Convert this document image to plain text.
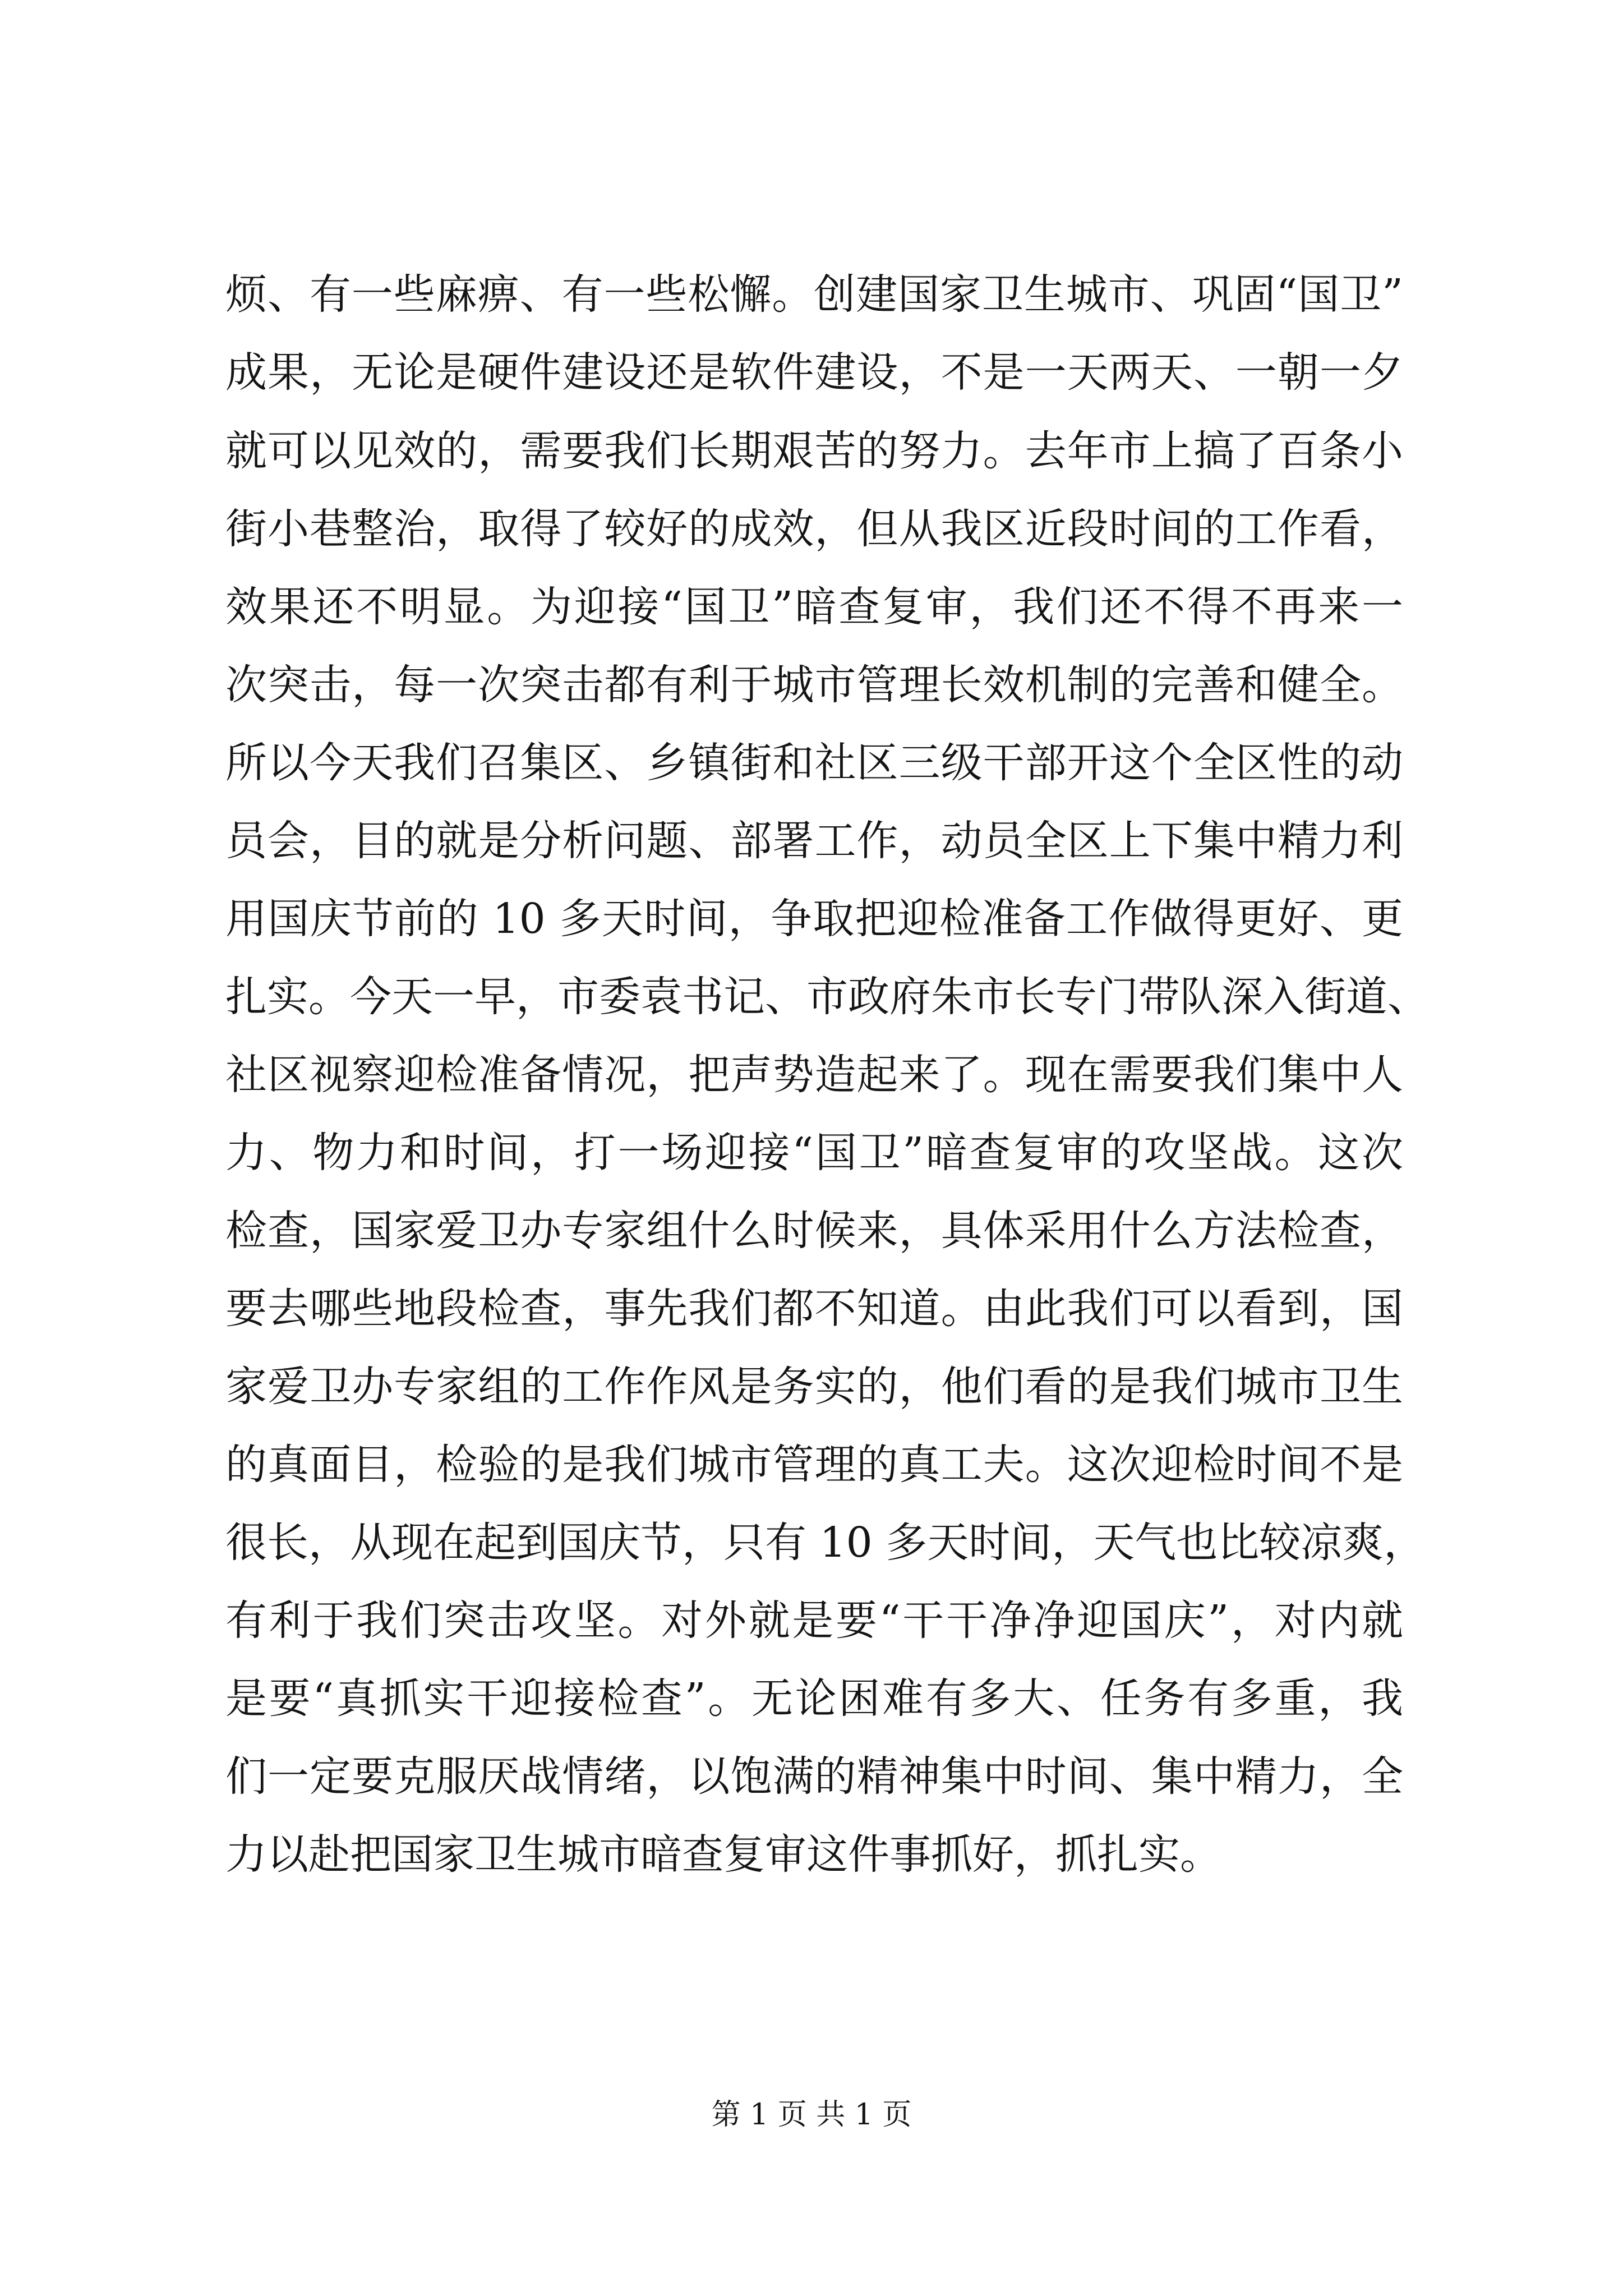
烦、有一些麻痹、有一些松懈。创建国家卫生城市、巩固“国卫”

成果，无论是硬件建设还是软件建设，不是一天两天、一朝一夕

就可以见效的，需要我们长期艰苦的努力。去年市上搞了百条小

街小巷整治，取得了较好的成效，但从我区近段时间的工作看，

效果还不明显。为迎接“国卫”暗查复审，我们还不得不再来一

次突击，每一次突击都有利于城市管理长效机制的完善和健全。

所以今天我们召集区、乡镇街和社区三级干部开这个全区性的动

员会，目的就是分析问题、部署工作，动员全区上下集中精力利

用国庆节前的 10 多天时间，争取把迎检准备工作做得更好、更

扎实。今天一早，市委袁书记、市政府朱市长专门带队深入街道、

社区视察迎检准备情况，把声势造起来了。现在需要我们集中人

力、物力和时间，打一场迎接“国卫”暗查复审的攻坚战。这次

检查，国家爱卫办专家组什么时候来，具体采用什么方法检查，

要去哪些地段检查，事先我们都不知道。由此我们可以看到，国

家爱卫办专家组的工作作风是务实的，他们看的是我们城市卫生

的真面目，检验的是我们城市管理的真工夫。这次迎检时间不是

很长，从现在起到国庆节，只有 10 多天时间，天气也比较凉爽，

有利于我们突击攻坚。对外就是要“干干净净迎国庆”，对内就

是要“真抓实干迎接检查”。无论困难有多大、任务有多重，我

们一定要克服厌战情绪，以饱满的精神集中时间、集中精力，全

力以赴把国家卫生城市暗查复审这件事抓好，抓扎实。

第 1 页 共 1 页
